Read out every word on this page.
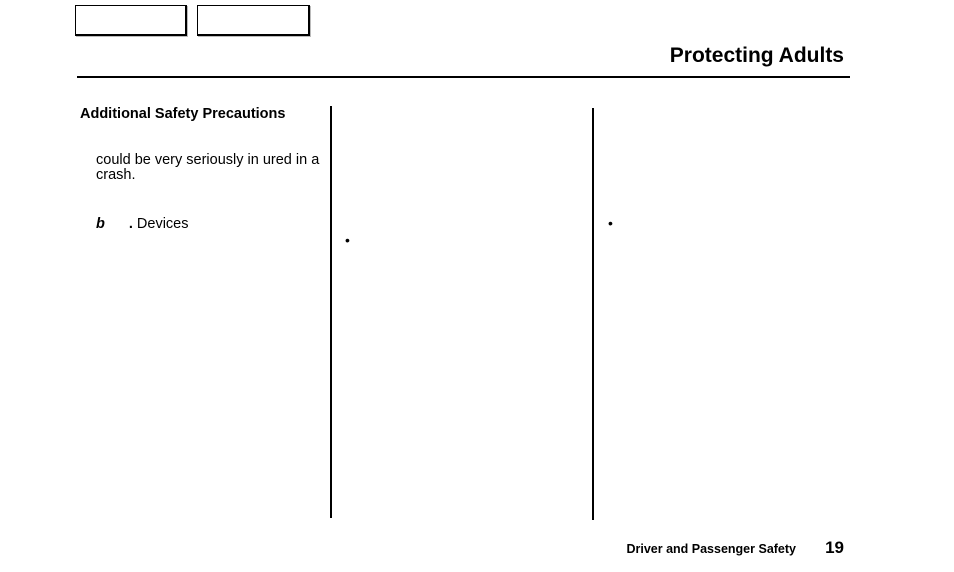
Protecting Adults
Additional Safety Precautions
could be very seriously in ured in a crash.
b . Devices
•
•
Driver and Passenger Safety 19
